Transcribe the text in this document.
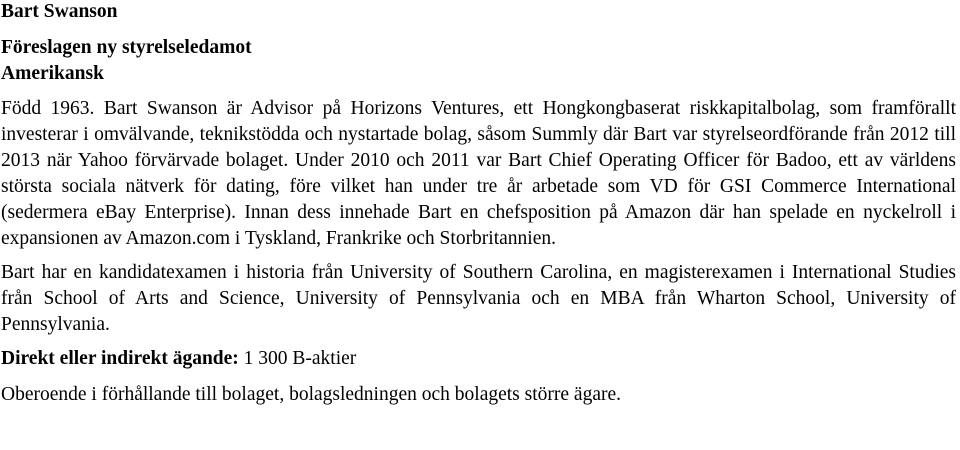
Bart Swanson
Föreslagen ny styrelseledamot
Amerikansk

Född 1963. Bart Swanson är Advisor på Horizons Ventures, ett Hongkongbaserat riskkapitalbolag, som framförallt investerar i omvälvande, teknikstödda och nystartade bolag, såsom Summly där Bart var styrelseordförande från 2012 till 2013 när Yahoo förvärvade bolaget. Under 2010 och 2011 var Bart Chief Operating Officer för Badoo, ett av världens största sociala nätverk för dating, före vilket han under tre år arbetade som VD för GSI Commerce International (sedermera eBay Enterprise). Innan dess innehade Bart en chefsposition på Amazon där han spelade en nyckelroll i expansionen av Amazon.com i Tyskland, Frankrike och Storbritannien.

Bart har en kandidatexamen i historia från University of Southern Carolina, en magisterexamen i International Studies från School of Arts and Science, University of Pennsylvania och en MBA från Wharton School, University of Pennsylvania.

Direkt eller indirekt ägande: 1 300 B-aktier

Oberoende i förhållande till bolaget, bolagsledningen och bolagets större ägare.
